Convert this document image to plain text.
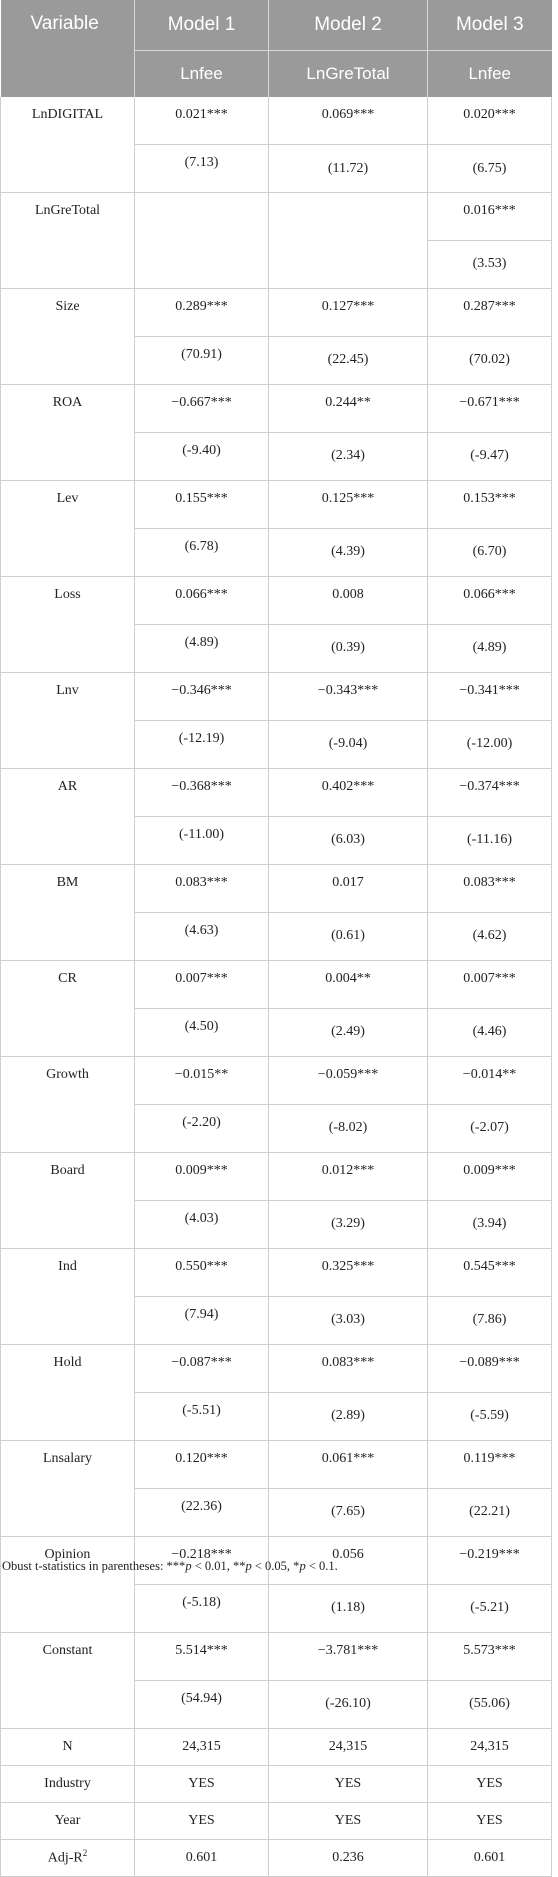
Variable	Model 1	Model 2	Model 3
	Lnfee	LnGreTotal	Lnfee
LnDIGITAL	0.021***	0.069***	0.020***
	(7.13)	(11.72)	(6.75)
LnGreTotal			0.016***
			(3.53)
Size	0.289***	0.127***	0.287***
	(70.91)	(22.45)	(70.02)
ROA	−0.667***	0.244**	−0.671***
	(-9.40)	(2.34)	(-9.47)
Lev	0.155***	0.125***	0.153***
	(6.78)	(4.39)	(6.70)
Loss	0.066***	0.008	0.066***
	(4.89)	(0.39)	(4.89)
Lnv	−0.346***	−0.343***	−0.341***
	(-12.19)	(-9.04)	(-12.00)
AR	−0.368***	0.402***	−0.374***
	(-11.00)	(6.03)	(-11.16)
BM	0.083***	0.017	0.083***
	(4.63)	(0.61)	(4.62)
CR	0.007***	0.004**	0.007***
	(4.50)	(2.49)	(4.46)
Growth	−0.015**	−0.059***	−0.014**
	(-2.20)	(-8.02)	(-2.07)
Board	0.009***	0.012***	0.009***
	(4.03)	(3.29)	(3.94)
Ind	0.550***	0.325***	0.545***
	(7.94)	(3.03)	(7.86)
Hold	−0.087***	0.083***	−0.089***
	(-5.51)	(2.89)	(-5.59)
Lnsalary	0.120***	0.061***	0.119***
	(22.36)	(7.65)	(22.21)
Opinion	−0.218***	0.056	−0.219***
	(-5.18)	(1.18)	(-5.21)
Constant	5.514***	−3.781***	5.573***
	(54.94)	(-26.10)	(55.06)
N	24,315	24,315	24,315
Industry	YES	YES	YES
Year	YES	YES	YES
Adj-$R^2$	0.601	0.236	0.601
Obust t-statistics in parentheses: ***p < 0.01, **p < 0.05, *p < 0.1.
